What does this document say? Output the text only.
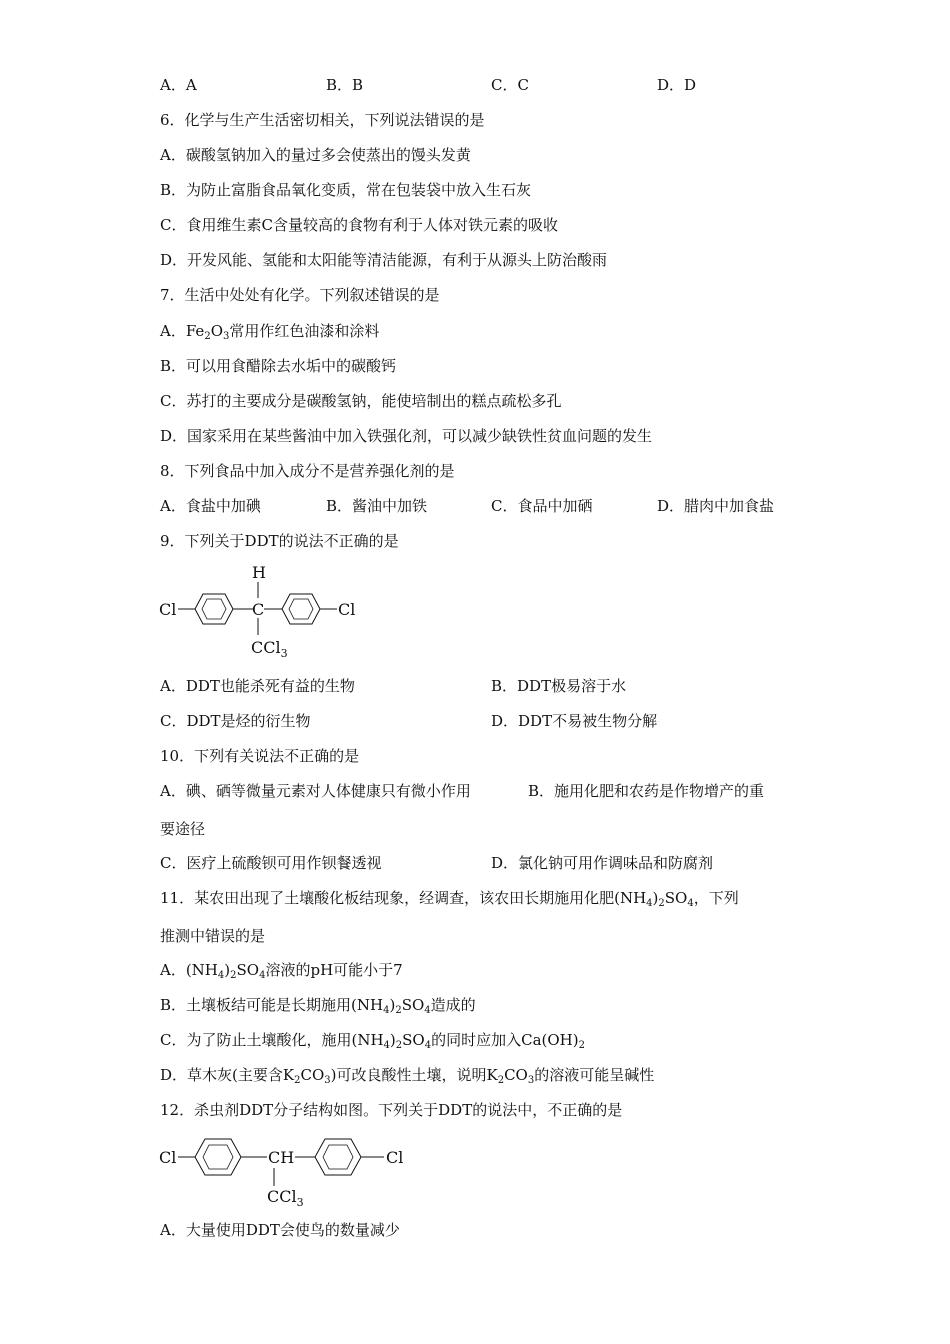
A．A	B．B	C．C	D．D
6．化学与生产生活密切相关，下列说法错误的是
A．碳酸氢钠加入的量过多会使蒸出的馒头发黄
B．为防止富脂食品氧化变质，常在包装袋中放入生石灰
C．食用维生素C含量较高的食物有利于人体对铁元素的吸收
D．开发风能、氢能和太阳能等清洁能源，有利于从源头上防治酸雨
7．生活中处处有化学。下列叙述错误的是
A．$Fe_2O_3$常用作红色油漆和涂料
B．可以用食醋除去水垢中的碳酸钙
C．苏打的主要成分是碳酸氢钠，能使培制出的糕点疏松多孔
D．国家采用在某些酱油中加入铁强化剂，可以减少缺铁性贫血问题的发生
8．下列食品中加入成分不是营养强化剂的是
A．食盐中加碘	B．酱油中加铁	C．食品中加硒	D．腊肉中加食盐
9．下列关于DDT的说法不正确的是
Cl
H
C	Cl
CCl$_3$
A．DDT也能杀死有益的生物	B．DDT极易溶于水
C．DDT是烃的衍生物	D．DDT不易被生物分解
10．下列有关说法不正确的是
A．碘、硒等微量元素对人体健康只有微小作用	B．施用化肥和农药是作物增产的重
要途径
C．医疗上硫酸钡可用作钡餐透视	D．氯化钠可用作调味品和防腐剂
11．某农田出现了土壤酸化板结现象，经调查，该农田长期施用化肥$(NH_4)_2SO_4$，下列
推测中错误的是
A．$(NH_4)_2SO_4$溶液的pH可能小于7
B．土壤板结可能是长期施用$(NH_4)_2SO_4$造成的
C．为了防止土壤酸化，施用$(NH_4)_2SO_4$的同时应加入$Ca(OH)_2$
D．草木灰(主要含$K_2CO_3$)可改良酸性土壤，说明$K_2CO_3$的溶液可能呈碱性
12．杀虫剂DDT分子结构如图。下列关于DDT的说法中，不正确的是
Cl	CH	Cl
CCl$_3$
A．大量使用DDT会使鸟的数量减少
